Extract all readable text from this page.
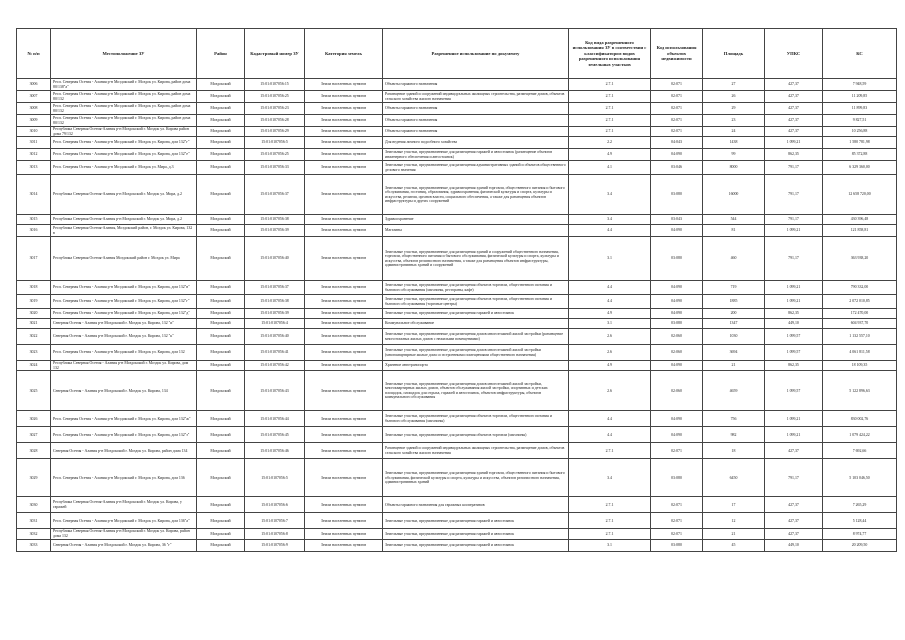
№ п/п	Местоположение ЗУ	Район	Кадастровый номер ЗУ	Категория земель	Разрешенное использование по документу	Код вида разрешенного использования ЗУ в соответствии с классификатором видов разрешенного использования земельных участков	Код использования объектов недвижимости	Площадь	УПКС	КС
3006	Респ. Северная Осетия - Алания р-н Моздокский г. Моздок ул. Кирова, район дома 80/138"а"	Моздокский	15:01:0107056:15	Земли населенных пунктов	Объекты гаражного назначения	2.7.1	02:071	27	427,37	7 948,59
3007	Респ. Северная Осетия - Алания р-н Моздокский г. Моздок ул. Кирова, район дома 80/132	Моздокский	15:01:0107056:25	Земли населенных пунктов	Размещение зданий и сооружений индивидуальных жилищных строительства, размещение домов, объектов сельского хозяйства жилого назначения	2.7.1	02:071	26	427,37	11 209,85
3008	Респ. Северная Осетия - Алания р-н Моздокский г. Моздок ул. Кирова, район дома 80/132	Моздокский	15:01:0107056:23	Земли населенных пунктов	Объекты гаражного назначения	2.7.1	02:071	29	427,37	11 899,83
3009	Респ. Северная Осетия - Алания р-н Моздокский г. Моздок ул. Кирова, район дома 80/132	Моздокский	15:01:0107056:28	Земли населенных пунктов	Объекты гаражного назначения	2.7.1	02:071	23	427,37	9 827,51
3010	Республика Северная Осетия-Алания р-н Моздокский г. Моздок ул. Кирова район дома 79/132	Моздокский	15:01:0107056:29	Земли населенных пунктов	Объекты гаражного назначения	2.7.1	02:071	24	427,37	10 256,88
3011	Респ. Северная Осетия - Алания р-н Моздокский г. Моздок ул. Кирова, дом 132"г"	Моздокский	15:01:0107056:5	Земли населенных пунктов	Для ведения личного подсобного хозяйства	2.2	04:043	1438	1 099,21	1 580 781,98
3012	Респ. Северная Осетия - Алания р-н Моздокский г. Моздок ул. Кирова, дом 132"е"	Моздокский	15:01:0107056:25	Земли населенных пунктов	Земельные участки, предназначенные для размещения гаражей и автостоянок (размещение объектов инженерного обеспечения и автостоянок)	4.9	04:090	99	862,35	85 372,88
3013	Респ. Северная Осетия - Алания р-н Моздокский г. Моздок ул. Мира, д.3	Моздокский	15:01:0107056:33	Земли населенных пунктов	Земельные участки, предназначенные для размещения административных зданий и объектов общественного делового значения	4.1	03:046	8000	791,17	6 329 360,00
3014	Республика Северная Осетия-Алания р-н Моздокский г. Моздок ул. Мира, д.2	Моздокский	15:01:0107056:37	Земли населенных пунктов	Земельные участки, предназначенные для размещения зданий торговли, общественного питания и бытового обслуживания, гостиниц, образования, здравоохранения, физической культуры и спорта, культуры и искусства, религии, органов власти, социального обеспечения, а также для размещения объектов инфраструктуры и других сооружений	3.4	03:080	16000	791,17	12 658 720,00
3015	Республика Северная Осетия-Алания р-н Моздокский г. Моздок ул. Мира, д.2	Моздокский	15:01:0107056:38	Земли населенных пунктов	Здравоохранение	3.4	03:043	544	791,17	430 396,48
3016	Республика Северная Осетия-Алания, Моздокский район, г. Моздок ул. Кирова, 132 в	Моздокский	15:01:0107056:39	Земли населенных пунктов	Магазины	4.4	04:090	81	1 099,21	121 858,81
3017	Республика Северная Осетия-Алания Моздокский район г. Моздок ул. Мира	Моздокский	15:01:0107056:40	Земли населенных пунктов	Земельные участки, предназначенные для размещения зданий и сооружений общественного назначения, торговли, общественного питания и бытового обслуживания, физической культуры и спорта, культуры и искусства, объектов религиозного назначения, а также для размещения объектов инфраструктуры, административных зданий и сооружений	3.1	03:080	460	791,17	363 938,20
3018	Респ. Северная Осетия - Алания р-н Моздокский г. Моздок ул. Кирова, дом 132"в"	Моздокский	15:01:0107056:37	Земли населенных пунктов	Земельные участки, предназначенные для размещения объектов торговли, общественного питания и бытового обслуживания (магазины, рестораны, кафе)	4.4	04:090	719	1 099,21	790 332,00
3019	Респ. Северная Осетия - Алания р-н Моздокский г. Моздок ул. Кирова, дом 132"г"	Моздокский	15:01:0107056:38	Земли населенных пунктов	Земельные участки, предназначенные для размещения объектов торговли, общественного питания и бытового обслуживания (торговые центры)	4.4	04:090	1885	1 099,21	2 072 010,85
3020	Респ. Северная Осетия - Алания р-н Моздокский г. Моздок ул. Кирова, дом 132"д"	Моздокский	15:01:0107056:39	Земли населенных пунктов	Земельные участки, предназначенные для размещения гаражей и автостоянок	4.9	04:090	200	862,35	172 470,00
3021	Северная Осетия - Алания р-н Моздокский г. Моздок ул. Кирова, 132 "и"	Моздокский	15:01:0107056:4	Земли населенных пунктов	Коммунальное обслуживание	3.1	03:080	1347	449,10	604 937,70
3022	Северная Осетия - Алания р-н Моздокский г. Моздок ул. Кирова, 132 "к"	Моздокский	15:01:0107056:40	Земли населенных пунктов	Земельные участки, предназначенные для размещения домов многоэтажной жилой застройки (размещение многоэтажных жилых домов с нежилыми помещениями)	2.6	02:060	1030	1 099,57	1 132 557,10
3023	Респ. Северная Осетия - Алания р-н Моздокский г. Моздок ул. Кирова, дом 132	Моздокский	15:01:0107056:41	Земли населенных пунктов	Земельные участки, предназначенные для размещения домов многоэтажной жилой застройки (многоквартирные жилые дома со встроенными помещениями общественного назначения)	2.6	02:060	3694	1 099,57	4 061 811,58
3024	Республика Северная Осетия - Алания р-н Моздокский г. Моздок ул. Кирова, дом 132	Моздокский	15:01:0107056:42	Земли населенных пунктов	Хранение автотранспорта	4.9	04:090	21	862,35	18 109,35
3025	Северная Осетия - Алания р-н Моздокский г. Моздок ул. Кирова, 134	Моздокский	15:01:0107056:43	Земли населенных пунктов	Земельные участки, предназначенные для размещения домов многоэтажной жилой застройки, многоквартирных жилых домов, объектов обслуживания жилой застройки, спортивных и детских площадок, площадок для отдыха, гаражей и автостоянок, объектов инфраструктуры, объектов коммунального обслуживания	2.6	02:060	4659	1 099,57	5 122 896,63
3026	Респ. Северная Осетия - Алания р-н Моздокский г. Моздок ул. Кирова, дом 132"ж"	Моздокский	15:01:0107056:44	Земли населенных пунктов	Земельные участки, предназначенные для размещения объектов торговли, общественного питания и бытового обслуживания (магазины)	4.4	04:090	756	1 099,21	830 002,76
3027	Респ. Северная Осетия - Алания р-н Моздокский г. Моздок ул. Кирова, дом 132"з"	Моздокский	15:01:0107056:45	Земли населенных пунктов	Земельные участки, предназначенные для размещения объектов торговли (магазины)	4.4	04:090	982	1 099,21	1 079 424,22
3028	Северная Осетия - Алания р-н Моздокский г. Моздок ул. Кирова, район дома 134	Моздокский	15:01:0107056:46	Земли населенных пунктов	Размещение зданий и сооружений индивидуальных жилищных строительства, размещение домов, объектов сельского хозяйства жилого назначения	2.7.1	02:071	18	427,37	7 692,66
3029	Респ. Северная Осетия - Алания р-н Моздокский г. Моздок ул. Кирова, дом 136	Моздокский	15:01:0107056:5	Земли населенных пунктов	Земельные участки, предназначенные для размещения зданий торговли, общественного питания и бытового обслуживания, физической культуры и спорта, культуры и искусства, объектов религиозного назначения, административных зданий	3.4	03:080	6450	791,17	5 103 046,50
3030	Республика Северная Осетия-Алания р-н Моздокский г. Моздок ул. Кирова, у гаражей	Моздокский	15:01:0107056:6	Земли населенных пунктов	Объекты гаражного назначения для гаражных кооперативов	2.7.1	02:071	17	427,37	7 265,29
3031	Респ. Северная Осетия - Алания р-н Моздокский г. Моздок ул. Кирова, дом 136"а"	Моздокский	15:01:0107056:7	Земли населенных пунктов	Земельные участки, предназначенные для размещения гаражей и автостоянок	2.7.1	02:071	12	427,37	5 128,44
3032	Республика Северная Осетия-Алания р-н Моздокский г. Моздок ул. Кирова, район дома 132	Моздокский	15:01:0107056:8	Земли населенных пунктов	Земельные участки, предназначенные для размещения гаражей и автостоянок	2.7.1	02:071	21	427,37	8 974,77
3033	Северная Осетия - Алания р-н Моздокский г. Моздок ул. Кирова, 36 "г"	Моздокский	15:01:0107056:9	Земли населенных пунктов	Земельные участки, предназначенные для размещения гаражей и автостоянок	3.1	03:080	45	449,10	20 209,50
